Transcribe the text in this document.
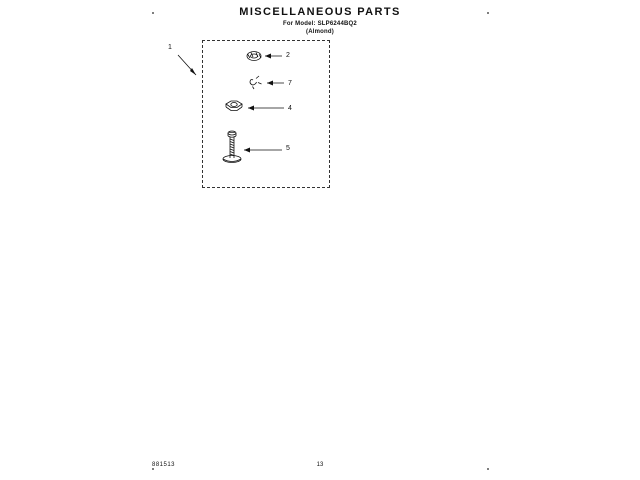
MISCELLANEOUS PARTS
For Model: SLP6244BQ2
(Almond)
1
2
7
4
5
881513	13
